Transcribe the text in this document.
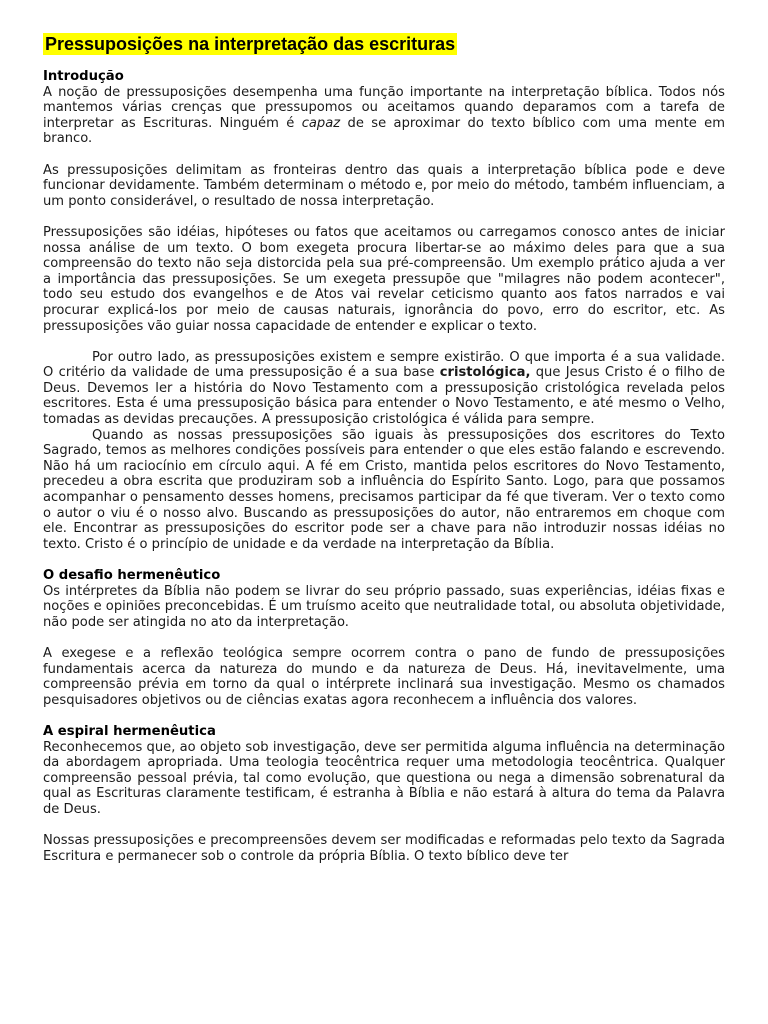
Pressuposições na interpretação das escrituras
Introdução

A noção de pressuposições desempenha uma função importante na interpretação bíblica. Todos nós mantemos várias crenças que pressupomos ou aceitamos quando deparamos com a tarefa de interpretar as Escrituras. Ninguém é capaz de se aproximar do texto bíblico com uma mente em branco.

As pressuposições delimitam as fronteiras dentro das quais a interpretação bíblica pode e deve funcionar devidamente. Também determinam o método e, por meio do método, também influenciam, a um ponto considerável, o resultado de nossa interpretação.

Pressuposições são idéias, hipóteses ou fatos que aceitamos ou carregamos conosco antes de iniciar nossa análise de um texto. O bom exegeta procura libertar-se ao máximo deles para que a sua compreensão do texto não seja distorcida pela sua pré-compreensão. Um exemplo prático ajuda a ver a importância das pressuposições. Se um exegeta pressupõe que "milagres não podem acontecer", todo seu estudo dos evangelhos e de Atos vai revelar ceticismo quanto aos fatos narrados e vai procurar explicá-los por meio de causas naturais, ignorância do povo, erro do escritor, etc. As pressuposições vão guiar nossa capacidade de entender e explicar o texto.

Por outro lado, as pressuposições existem e sempre existirão. O que importa é a sua validade. O critério da validade de uma pressuposição é a sua base cristológica, que Jesus Cristo é o filho de Deus. Devemos ler a história do Novo Testamento com a pressuposição cristológica revelada pelos escritores. Esta é uma pressuposição básica para entender o Novo Testamento, e até mesmo o Velho, tomadas as devidas precauções. A pressuposição cristológica é válida para sempre.

Quando as nossas pressuposições são iguais às pressuposições dos escritores do Texto Sagrado, temos as melhores condições possíveis para entender o que eles estão falando e escrevendo. Não há um raciocínio em círculo aqui. A fé em Cristo, mantida pelos escritores do Novo Testamento, precedeu a obra escrita que produziram sob a influência do Espírito Santo. Logo, para que possamos acompanhar o pensamento desses homens, precisamos participar da fé que tiveram. Ver o texto como o autor o viu é o nosso alvo. Buscando as pressuposições do autor, não entraremos em choque com ele. Encontrar as pressuposições do escritor pode ser a chave para não introduzir nossas idéias no texto. Cristo é o princípio de unidade e da verdade na interpretação da Bíblia.

O desafio hermenêutico

Os intérpretes da Bíblia não podem se livrar do seu próprio passado, suas experiências, idéias fixas e noções e opiniões preconcebidas. É um truísmo aceito que neutralidade total, ou absoluta objetividade, não pode ser atingida no ato da interpretação.

A exegese e a reflexão teológica sempre ocorrem contra o pano de fundo de pressuposições fundamentais acerca da natureza do mundo e da natureza de Deus. Há, inevitavelmente, uma compreensão prévia em torno da qual o intérprete inclinará sua investigação. Mesmo os chamados pesquisadores objetivos ou de ciências exatas agora reconhecem a influência dos valores.

A espiral hermenêutica

Reconhecemos que, ao objeto sob investigação, deve ser permitida alguma influência na determinação da abordagem apropriada. Uma teologia teocêntrica requer uma metodologia teocêntrica. Qualquer compreensão pessoal prévia, tal como evolução, que questiona ou nega a dimensão sobrenatural da qual as Escrituras claramente testificam, é estranha à Bíblia e não estará à altura do tema da Palavra de Deus.

Nossas pressuposições e precompreensões devem ser modificadas e reformadas pelo texto da Sagrada Escritura e permanecer sob o controle da própria Bíblia. O texto bíblico deve ter
